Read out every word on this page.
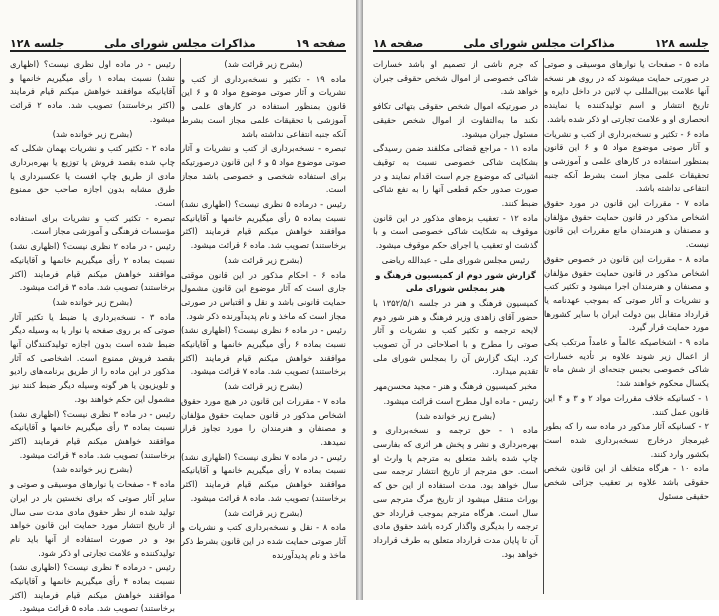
صفحه ۱۹
مذاکرات مجلس شورای ملی
جلسه ۱۲۸

(بشرح زیر قرائت شد)

ماده ۱۹ - تکثیر و نسخه‌برداری از کتب و نشریات و آثار صوتی موضوع مواد ۵ و ۶ این قانون بمنظور استفاده در کارهای علمی و آموزشی با تحقیقات علمی مجاز است بشرط آنکه جنبه انتفاعی نداشته باشد

تبصره - نسخه‌برداری از کتب و نشریات و آثار صوتی موضوع مواد ۵ و ۶ این قانون درصورتیکه برای استفاده شخصی و خصوصی باشد مجاز است.

رئیس - درماده ۵ نظری نیست؟ (اظهاری نشد) نسبت بماده ۵ رأی میگیریم خانمها و آقایانیکه موافقند خواهش میکنم قیام فرمایند (اکثر برخاستند) تصویب شد. ماده ۶ قرائت میشود.

(بشرح زیر قرائت شد)

ماده ۶ - احکام مذکور در این قانون موقتی جاری است که آثار موضوع این قانون مشمول حمایت قانونی باشد و نقل و اقتباس در صورتی مجاز است که ماخذ و نام پدیدآورنده ذکر شود.

رئیس - در ماده ۶ نظری نیست؟ (اظهاری نشد) نسبت بماده ۶ رأی میگیریم خانمها و آقایانیکه موافقند خواهش میکنم قیام فرمایند (اکثر برخاستند) تصویب شد. ماده ۷ قرائت میشود.

(بشرح زیر قرائت شد)

ماده ۷ - مقررات این قانون در هیچ مورد حقوق اشخاص مذکور در قانون حمایت حقوق مؤلفان و مصنفان و هنرمندان را مورد تجاوز قرار نمیدهد.

رئیس - در ماده ۷ نظری نیست؟ (اظهاری نشد) نسبت بماده ۷ رأی میگیریم خانمها و آقایانیکه موافقند خواهش میکنم قیام فرمایند (اکثر برخاستند) تصویب شد. ماده ۸ قرائت میشود.

(بشرح زیر قرائت شد)

ماده ۸ - نقل و نسخه‌برداری کتب و نشریات و آثار صوتی حمایت شده در این قانون بشرط ذکر ماخذ و نام پدیدآورنده

رئیس - در ماده اول نظری نیست؟ (اظهاری نشد) نسبت بماده ۱ رأی میگیریم خانمها و آقایانیکه موافقند خواهش میکنم قیام فرمایند (اکثر برخاستند) تصویب شد. ماده ۲ قرائت میشود.

(بشرح زیر خوانده شد)

ماده ۲ - تکثیر کتب و نشریات بهمان شکلی که چاپ شده بقصد فروش یا توزیع یا بهره‌برداری مادی از طریق چاپ افست یا عکسبرداری یا طرق مشابه بدون اجازه صاحب حق ممنوع است.

تبصره - تکثیر کتب و نشریات برای استفاده مؤسسات فرهنگی و آموزشی مجاز است.

رئیس - در ماده ۲ نظری نیست؟ (اظهاری نشد) نسبت بماده ۲ رأی میگیریم خانمها و آقایانیکه موافقند خواهش میکنم قیام فرمایند (اکثر برخاستند) تصویب شد. ماده ۳ قرائت میشود.

(بشرح زیر خوانده شد)

ماده ۳ - نسخه‌برداری یا ضبط یا تکثیر آثار صوتی که بر روی صفحه یا نوار یا به وسیله دیگر ضبط شده است بدون اجازه تولیدکنندگان آنها بقصد فروش ممنوع است. اشخاصی که آثار مذکور در این ماده را از طریق برنامه‌های رادیو و تلویزیون یا هر گونه وسیله دیگر ضبط کنند نیز مشمول این حکم خواهند بود.

رئیس - در ماده ۳ نظری نیست؟ (اظهاری نشد) نسبت بماده ۳ رأی میگیریم خانمها و آقایانیکه موافقند خواهش میکنم قیام فرمایند (اکثر برخاستند) تصویب شد. ماده ۴ قرائت میشود.

(بشرح زیر خوانده شد)

ماده ۴ - صفحات یا نوارهای موسیقی و صوتی و سایر آثار صوتی که برای نخستین بار در ایران تولید شده از نظر حقوق مادی مدت سی سال از تاریخ انتشار مورد حمایت این قانون خواهد بود و در صورت استفاده از آنها باید نام تولیدکننده و علامت تجارتی او ذکر شود.

رئیس - درماده ۴ نظری نیست؟ (اظهاری نشد) نسبت بماده ۴ رأی میگیریم خانمها و آقایانیکه موافقند خواهش میکنم قیام فرمایند (اکثر برخاستند) تصویب شد. ماده ۵ قرائت میشود.

جلسه ۱۲۸
مذاکرات مجلس شورای ملی
صفحه ۱۸

ماده ۵ - صفحات یا نوارهای موسیقی و صوتی در صورتی حمایت میشوند که در روی هر نسخه آنها علامت بین‌المللی پ لاتین در داخل دایره و تاریخ انتشار و اسم تولیدکننده یا نماینده انحصاری او و علامت تجارتی او ذکر شده باشد.

ماده ۶ - تکثیر و نسخه‌برداری از کتب و نشریات و آثار صوتی موضوع مواد ۵ و ۶ این قانون بمنظور استفاده در کارهای علمی و آموزشی و تحقیقات علمی مجاز است بشرط آنکه جنبه انتفاعی نداشته باشد.

ماده ۷ - مقررات این قانون در مورد حقوق اشخاص مذکور در قانون حمایت حقوق مؤلفان و مصنفان و هنرمندان مانع مقررات این قانون نیست.

ماده ۸ - مقررات این قانون در خصوص حقوق اشخاص مذکور در قانون حمایت حقوق مؤلفان و مصنفان و هنرمندان اجرا میشود و تکثیر کتب و نشریات و آثار صوتی که بموجب عهدنامه یا قرارداد متقابل بین دولت ایران با سایر کشورها مورد حمایت قرار گیرد.

ماده ۹ - اشخاصیکه عالماً و عامداً مرتکب یکی از اعمال زیر شوند علاوه بر تأدیه خسارات شاکی خصوصی بحبس جنحه‌ای از شش ماه تا یکسال محکوم خواهند شد:

۱ - کسانیکه خلاف مقررات مواد ۲ و ۳ و ۴ این قانون عمل کنند.

۲ - کسانیکه آثار مذکور در ماده سه را که بطور غیرمجاز درخارج نسخه‌برداری شده است بکشور وارد کنند.

ماده ۱۰ - هرگاه متخلف از این قانون شخص حقوقی باشد علاوه بر تعقیب جزائی شخص حقیقی مسئول

که جرم ناشی از تصمیم او باشد خسارات شاکی خصوصی از اموال شخص حقوقی جبران خواهد شد.

در صورتیکه اموال شخص حقوقی بتهائی تکافو نکند ما به‌التفاوت از اموال شخص حقیقی مسئول جبران میشود.

ماده ۱۱ - مراجع قضائی مکلفند ضمن رسیدگی بشکایت شاکی خصوصی نسبت به توقیف اشیائی که موضوع جرم است اقدام نمایند و در صورت صدور حکم قطعی آنها را به نفع شاکی ضبط کنند.

ماده ۱۲ - تعقیب بزه‌های مذکور در این قانون موقوف به شکایت شاکی خصوصی است و با گذشت او تعقیب یا اجرای حکم موقوف میشود.

رئیس مجلس شورای ملی - عبدالله ریاضی

گزارش شور دوم از کمیسیون فرهنگ و هنر بمجلس شورای ملی

کمیسیون فرهنگ و هنر در جلسه ۱۳۵۲/۵/۱ با حضور آقای زاهدی وزیر فرهنگ و هنر شور دوم لایحه ترجمه و تکثیر کتب و نشریات و آثار صوتی را مطرح و با اصلاحاتی در آن تصویب کرد. اینک گزارش آن را بمجلس شورای ملی تقدیم میدارد.

مخبر کمیسیون فرهنگ و هنر - مجید محسن‌مهر

رئیس - ماده اول مطرح است قرائت میشود.

(بشرح زیر خوانده شد)

ماده ۱ - حق ترجمه و نسخه‌برداری و بهره‌برداری و نشر و پخش هر اثری که بفارسی چاپ شده باشد متعلق به مترجم یا وارث او است. حق مترجم از تاریخ انتشار ترجمه سی سال خواهد بود. مدت استفاده از این حق که بوراث منتقل میشود از تاریخ مرگ مترجم سی سال است. هرگاه مترجم بموجب قرارداد حق ترجمه را بدیگری واگذار کرده باشد حقوق مادی آن تا پایان مدت قرارداد متعلق به طرف قرارداد خواهد بود.
